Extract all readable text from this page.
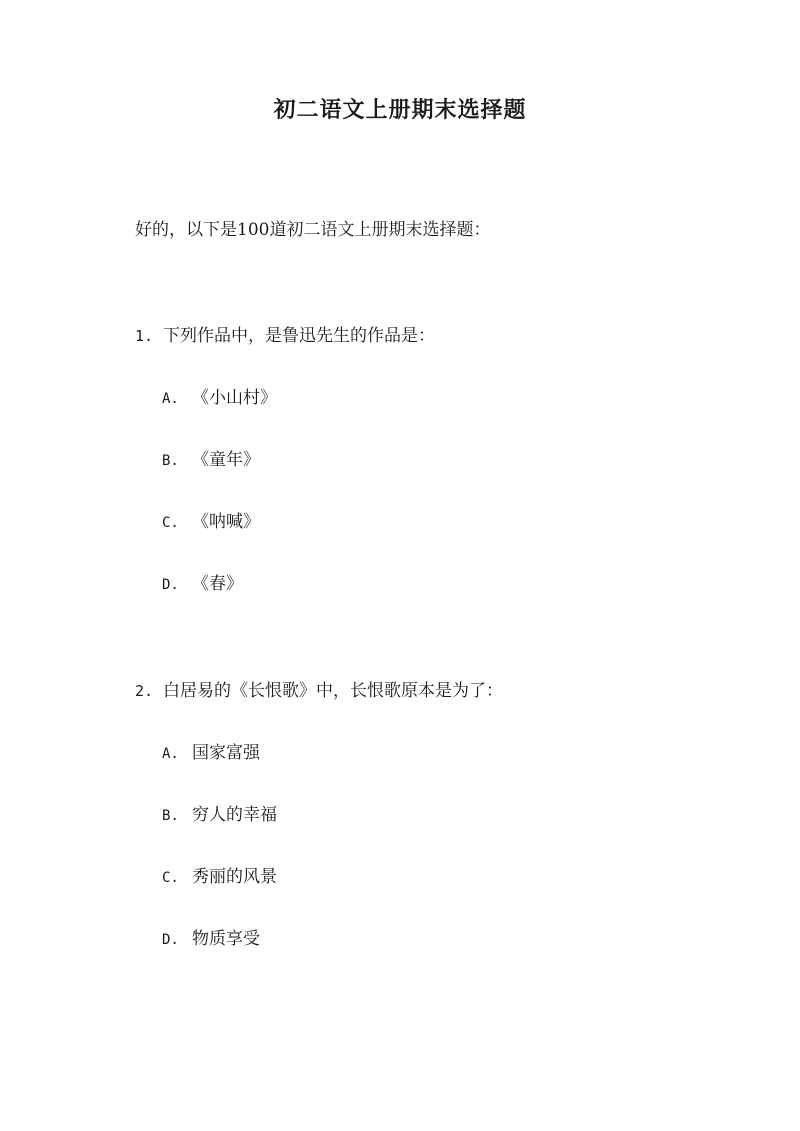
初二语文上册期末选择题
好的，以下是100道初二语文上册期末选择题：
1. 下列作品中，是鲁迅先生的作品是：
A. 《小山村》
B. 《童年》
C. 《呐喊》
D. 《春》
2. 白居易的《长恨歌》中，长恨歌原本是为了：
A. 国家富强
B. 穷人的幸福
C. 秀丽的风景
D. 物质享受
